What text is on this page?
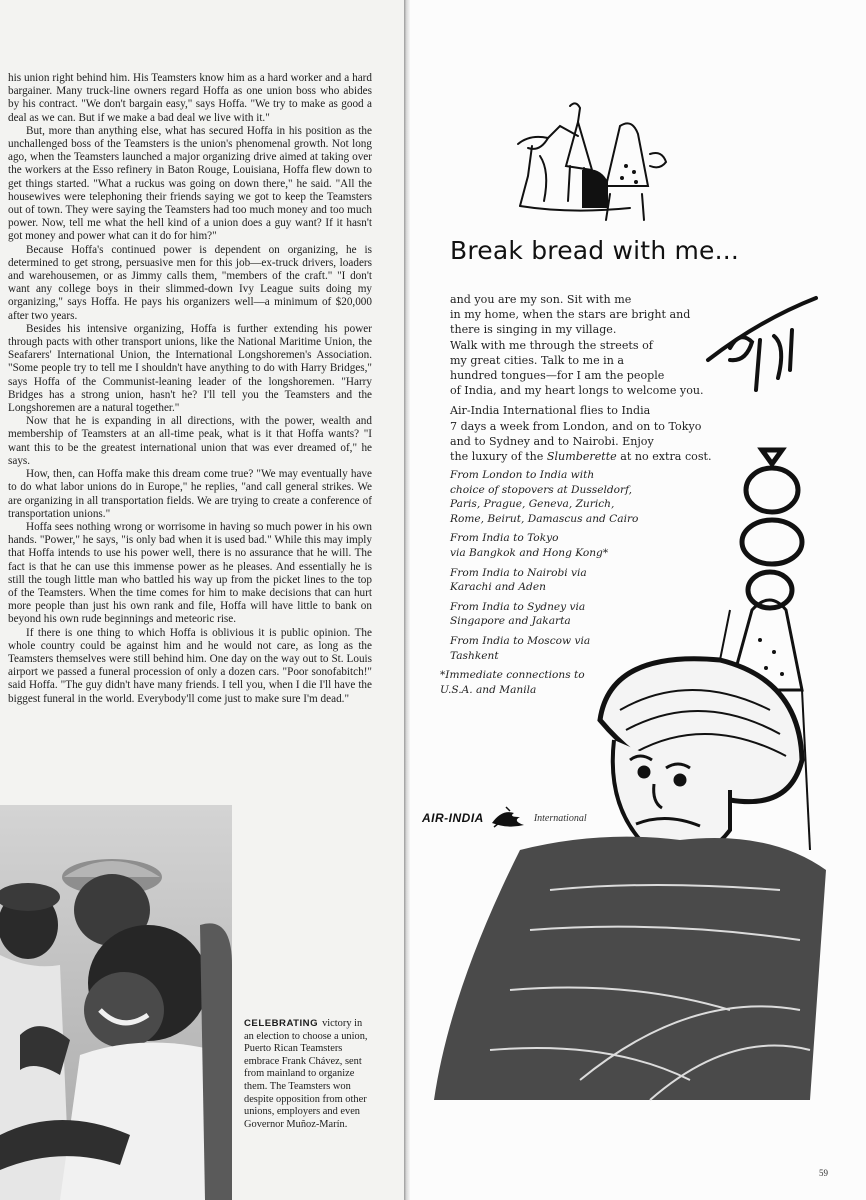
his union right behind him. His Teamsters know him as a hard worker and a hard bargainer. Many truck-line owners regard Hoffa as one union boss who abides by his contract. "We don't bargain easy," says Hoffa. "We try to make as good a deal as we can. But if we make a bad deal we live with it."

But, more than anything else, what has secured Hoffa in his position as the unchallenged boss of the Teamsters is the union's phenomenal growth. Not long ago, when the Teamsters launched a major organizing drive aimed at taking over the workers at the Esso refinery in Baton Rouge, Louisiana, Hoffa flew down to get things started. "What a ruckus was going on down there," he said. "All the housewives were telephoning their friends saying we got to keep the Teamsters out of town. They were saying the Teamsters had too much money and too much power. Now, tell me what the hell kind of a union does a guy want? If it hasn't got money and power what can it do for him?"

Because Hoffa's continued power is dependent on organizing, he is determined to get strong, persuasive men for this job—ex-truck drivers, loaders and warehousemen, or as Jimmy calls them, "members of the craft." "I don't want any college boys in their slimmed-down Ivy League suits doing my organizing," says Hoffa. He pays his organizers well—a minimum of $20,000 after two years.

Besides his intensive organizing, Hoffa is further extending his power through pacts with other transport unions, like the National Maritime Union, the Seafarers' International Union, the International Longshoremen's Association. "Some people try to tell me I shouldn't have anything to do with Harry Bridges," says Hoffa of the Communist-leaning leader of the longshoremen. "Harry Bridges has a strong union, hasn't he? I'll tell you the Teamsters and the Longshoremen are a natural together."

Now that he is expanding in all directions, with the power, wealth and membership of Teamsters at an all-time peak, what is it that Hoffa wants? "I want this to be the greatest international union that was ever dreamed of," he says.

How, then, can Hoffa make this dream come true? "We may eventually have to do what labor unions do in Europe," he replies, "and call general strikes. We are organizing in all transportation fields. We are trying to create a conference of transportation unions."

Hoffa sees nothing wrong or worrisome in having so much power in his own hands. "Power," he says, "is only bad when it is used bad." While this may imply that Hoffa intends to use his power well, there is no assurance that he will. The fact is that he can use this immense power as he pleases. And essentially he is still the tough little man who battled his way up from the picket lines to the top of the Teamsters. When the time comes for him to make decisions that can hurt more people than just his own rank and file, Hoffa will have little to bank on beyond his own rude beginnings and meteoric rise.

If there is one thing to which Hoffa is oblivious it is public opinion. The whole country could be against him and he would not care, as long as the Teamsters themselves were still behind him. One day on the way out to St. Louis airport we passed a funeral procession of only a dozen cars. "Poor sonofabitch!" said Hoffa. "The guy didn't have many friends. I tell you, when I die I'll have the biggest funeral in the world. Everybody'll come just to make sure I'm dead."

CELEBRATING victory in an election to choose a union, Puerto Rican Teamsters embrace Frank Chávez, sent from mainland to organize them. The Teamsters won despite opposition from other unions, employers and even Governor Muñoz-Marín.
Break bread with me...
and you are my son. Sit with me
in my home, when the stars are bright and
there is singing in my village.
Walk with me through the streets of
my great cities. Talk to me in a
hundred tongues—for I am the people
of India, and my heart longs to welcome you.
Air-India International flies to India
7 days a week from London, and on to Tokyo
and to Sydney and to Nairobi. Enjoy
the luxury of the Slumberette at no extra cost.
From London to India with
choice of stopovers at Dusseldorf,
Paris, Prague, Geneva, Zurich,
Rome, Beirut, Damascus and Cairo
From India to Tokyo
via Bangkok and Hong Kong*
From India to Nairobi via
Karachi and Aden
From India to Sydney via
Singapore and Jakarta
From India to Moscow via
Tashkent
*Immediate connections to
U.S.A. and Manila
AIR-INDIA	International
59
